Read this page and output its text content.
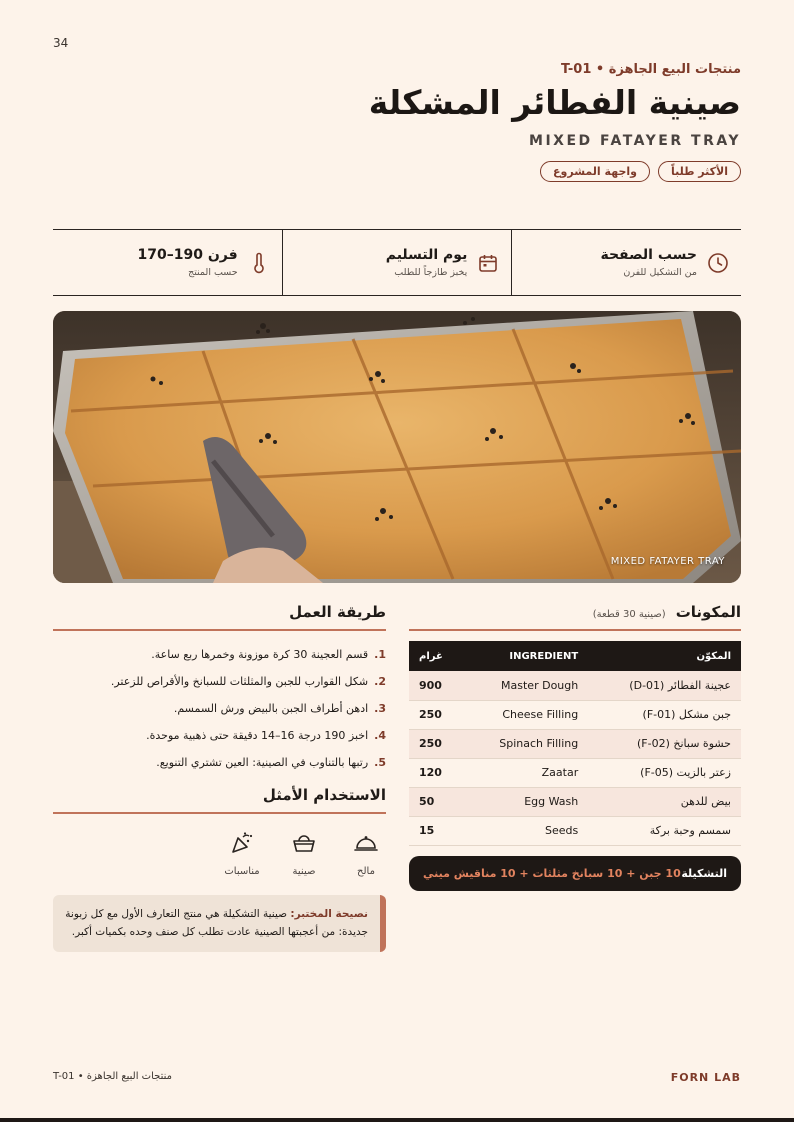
34
منتجات البيع الجاهزة • T-01
صينية الفطائر المشكلة
MIXED FATAYER TRAY
الأكثر طلباً
واجهة المشروع
حسب الصفحة
من التشكيل للفرن
يوم التسليم
يخبز طازجاً للطلب
فرن 190–170
حسب المنتج
MIXED FATAYER TRAY
المكونات
(صينية 30 قطعة)
المكوّن	INGREDIENT	غرام
عجينة الفطائر (D-01)	Master Dough	900
جبن مشكل (F-01)	Cheese Filling	250
حشوة سبانخ (F-02)	Spinach Filling	250
زعتر بالزيت (F-05)	Zaatar	120
بيض للدهن	Egg Wash	50
سمسم وحبة بركة	Seeds	15
التشكيلة
10 جبن + 10 سبانخ مثلثات + 10 مناقيش ميني
طريقة العمل
1.
قسم العجينة 30 كرة موزونة وخمرها ربع ساعة.
2.
شكل القوارب للجبن والمثلثات للسبانخ والأقراص للزعتر.
3.
ادهن أطراف الجبن بالبيض ورش السمسم.
4.
اخبز 190 درجة 16–14 دقيقة حتى ذهبية موحدة.
5.
رتبها بالتناوب في الصينية: العين تشتري التنويع.
الاستخدام الأمثل
مالح
صينية
مناسبات
نصيحة المختبر: صينية التشكيلة هي منتج التعارف الأول مع كل زبونة جديدة: من أعجبتها الصينية عادت تطلب كل صنف وحده بكميات أكبر.
منتجات البيع الجاهزة • T-01	FORN LAB
